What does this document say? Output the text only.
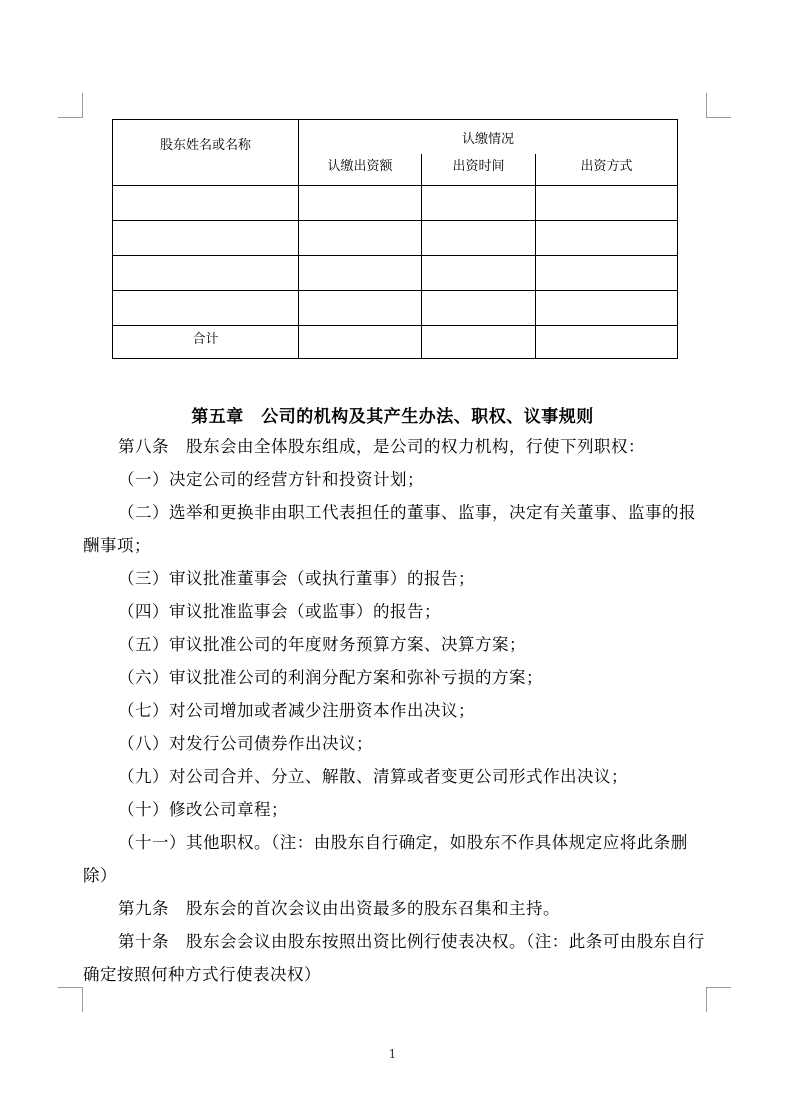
股东姓名或名称	认缴情况		
	认缴出资额	出资时间	出资方式

合计			
第五章　公司的机构及其产生办法、职权、议事规则

第八条　股东会由全体股东组成，是公司的权力机构，行使下列职权：

（一）决定公司的经营方针和投资计划；

（二）选举和更换非由职工代表担任的董事、监事，决定有关董事、监事的报酬事项；

（三）审议批准董事会（或执行董事）的报告；

（四）审议批准监事会（或监事）的报告；

（五）审议批准公司的年度财务预算方案、决算方案；

（六）审议批准公司的利润分配方案和弥补亏损的方案；

（七）对公司增加或者减少注册资本作出决议；

（八）对发行公司债券作出决议；

（九）对公司合并、分立、解散、清算或者变更公司形式作出决议；

（十）修改公司章程；

（十一）其他职权。（注：由股东自行确定，如股东不作具体规定应将此条删除）

第九条　股东会的首次会议由出资最多的股东召集和主持。

第十条　股东会会议由股东按照出资比例行使表决权。（注：此条可由股东自行确定按照何种方式行使表决权）

1
